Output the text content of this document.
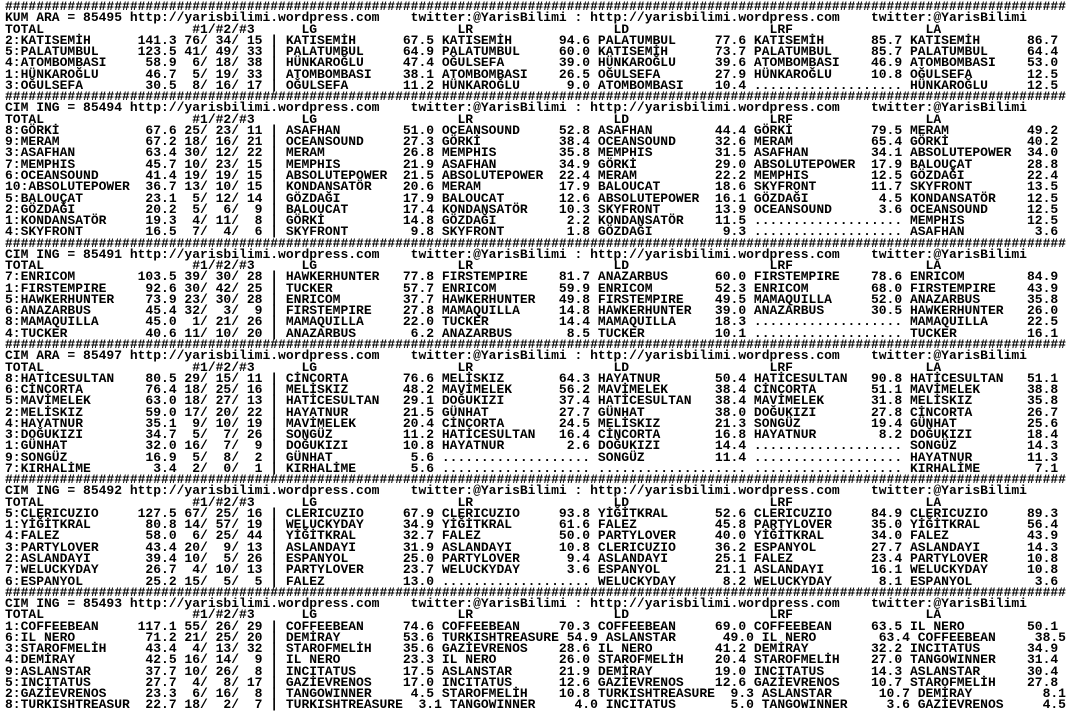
########################################################################################################################################
KUM ARA = 85495 http://yarisbilimi.wordpress.com    twitter:@YarisBilimi : http://yarisbilimi.wordpress.com    twitter:@YarisBilimi
TOTAL                   #1/#2/#3      LG                  LR                  LD                  LRF                 LA
2:KATISEMİH      141.3 76/ 34/ 15 | KATISEMİH      67.5 KATISEMİH      94.6 PALATUMBUL     77.6 KATISEMİH      85.7 KATISEMİH      86.7
5:PALATUMBUL     123.5 41/ 49/ 33 | PALATUMBUL     64.9 PALATUMBUL     60.0 KATISEMİH      73.7 PALATUMBUL     85.7 PALATUMBUL     64.4
4:ATOMBOMBASI     58.9  6/ 18/ 38 | HÜNKAROĞLU     47.4 OĞULSEFA       39.0 HÜNKAROĞLU     39.6 ATOMBOMBASI    46.9 ATOMBOMBASI    53.0
1:HÜNKAROĞLU      46.7  5/ 19/ 33 | ATOMBOMBASI    38.1 ATOMBOMBASI    26.5 OĞULSEFA       27.9 HÜNKAROĞLU     10.8 OĞULSEFA       12.5
3:OĞULSEFA        30.5  8/ 16/ 17 | OĞULSEFA       11.2 HÜNKAROĞLU      9.0 ATOMBOMBASI    10.4 ................... HÜNKAROĞLU     12.5
########################################################################################################################################
CIM ING = 85494 http://yarisbilimi.wordpress.com    twitter:@YarisBilimi : http://yarisbilimi.wordpress.com    twitter:@YarisBilimi
TOTAL                   #1/#2/#3      LG                  LR                  LD                  LRF                 LA
8:GÖRKİ           67.6 25/ 23/ 11 | ASAFHAN        51.0 OCEANSOUND     52.8 ASAFHAN        44.4 GÖRKİ          79.5 MERAM          49.2
9:MERAM           67.2 18/ 16/ 21 | OCEANSOUND     27.3 GÖRKİ          38.4 OCEANSOUND     32.6 MERAM          65.4 GÖRKİ          40.2
3:ASAFHAN         63.4 30/ 12/ 22 | MERAM          26.8 MEMPHIS        35.8 MEMPHIS        31.5 ASAFHAN        34.1 ABSOLUTEPOWER  34.0
7:MEMPHIS         45.7 10/ 23/ 15 | MEMPHIS        21.9 ASAFHAN        34.9 GÖRKİ          29.0 ABSOLUTEPOWER  17.9 BALOUÇAT       28.8
6:OCEANSOUND      41.4 19/ 19/ 15 | ABSOLUTEPOWER  21.5 ABSOLUTEPOWER  22.4 MERAM          22.2 MEMPHIS        12.5 GÖZDAĞI        22.4
10:ABSOLUTEPOWER  36.7 13/ 10/ 15 | KONDANSATÖR    20.6 MERAM          17.9 BALOUCAT       18.6 SKYFRONT       11.7 SKYFRONT       13.5
5:BALOUÇAT        23.1  5/ 12/ 14 | GÖZDAĞI        17.9 BALOUCAT       12.6 ABSOLUTEPOWER  16.1 GÖZDAĞI         4.5 KONDANSATÖR    12.5
2:GÖZDAĞI         20.2  5/  6/  9 | BALOUCAT       17.4 KONDANSATÖR    10.3 SKYFRONT       13.9 OCEANSOUND      3.6 OCEANSOUND     12.5
1:KONDANSATÖR     19.3  4/ 11/  8 | GÖRKİ          14.8 GÖZDAĞI         2.2 KONDANSATÖR    11.5 ................... MEMPHIS        12.5
4:SKYFRONT        16.5  7/  4/  6 | SKYFRONT        9.8 SKYFRONT        1.8 GÖZDAĞI         9.3 ................... ASAFHAN         3.6
########################################################################################################################################
CIM ING = 85491 http://yarisbilimi.wordpress.com    twitter:@YarisBilimi : http://yarisbilimi.wordpress.com    twitter:@YarisBilimi
TOTAL                   #1/#2/#3      LG                  LR                  LD                  LRF                 LA
7:ENRICOM        103.5 39/ 30/ 28 | HAWKERHUNTER   77.8 FIRSTEMPIRE    81.7 ANAZARBUS      60.0 FIRSTEMPIRE    78.6 ENRICOM        84.9
1:FIRSTEMPIRE     92.6 30/ 42/ 25 | TUCKER         57.7 ENRICOM        59.9 ENRICOM        52.3 ENRICOM        68.0 FIRSTEMPIRE    43.9
5:HAWKERHUNTER    73.9 23/ 30/ 28 | ENRICOM        37.7 HAWKERHUNTER   49.8 FIRSTEMPIRE    49.5 MAMAQUILLA     52.0 ANAZARBUS      35.8
6:ANAZARBUS       45.4 32/  3/  9 | FIRSTEMPIRE    27.8 MAMAQUILLA     14.8 HAWKERHUNTER   39.0 ANAZARBUS      30.5 HAWKERHUNTER   26.0
8:MAMAQUILLA      45.0  1/ 21/ 26 | MAMAQUILLA     22.0 TUCKER         14.4 MAMAQUILLA     18.3 ................... MAMAQUILLA     22.5
4:TUCKER          40.6 11/ 10/ 20 | ANAZARBUS       6.2 ANAZARBUS       8.5 TUCKER         10.1 ................... TUCKER         16.1
########################################################################################################################################
CIM ARA = 85497 http://yarisbilimi.wordpress.com    twitter:@YarisBilimi : http://yarisbilimi.wordpress.com    twitter:@YarisBilimi
TOTAL                   #1/#2/#3      LG                  LR                  LD                  LRF                 LA
8:HATİCESULTAN    80.5 29/ 15/ 11 | CİNCORTA       76.6 MELİSKIZ       64.3 HAYATNUR       50.4 HATİCESULTAN   90.8 HATİCESULTAN   51.1
6:CİNCORTA        76.4 18/ 25/ 16 | MELİSKIZ       48.2 MAVİMELEK      56.2 MAVİMELEK      38.4 CİNCORTA       51.1 MAVİMELEK      38.8
5:MAVİMELEK       63.0 18/ 27/ 13 | HATİCESULTAN   29.1 DOĞUKIZI       37.4 HATİCESULTAN   38.4 MAVİMELEK      31.8 MELİSKIZ       35.8
2:MELİSKIZ        59.0 17/ 20/ 22 | HAYATNUR       21.5 GÜNHAT         27.7 GÜNHAT         38.0 DOĞUKIZI       27.8 CİNCORTA       26.7
4:HAYATNUR        35.1  9/ 10/ 19 | MAVİMELEK      20.4 CİNCORTA       24.5 MELİSKIZ       21.3 SONGÜZ         19.4 GÜNHAT         25.6
3:DOĞUKIZI        34.7  5/  7/ 26 | SONGÜZ         11.2 HATİCESULTAN   16.4 CİNCORTA       16.8 HAYATNUR        8.2 DOĞUKIZI       18.4
1:GÜNHAT          32.0 16/  7/  9 | DOĞUKIZI       10.8 HAYATNUR        2.6 DOĞUKIZI       14.4 ................... SONGÜZ         14.3
9:SONGÜZ          16.9  5/  8/  2 | GÜNHAT          5.6 ................... SONGÜZ         11.4 ................... HAYATNUR       11.3
7:KIRHALİME        3.4  2/  0/  1 | KIRHALİME       5.6 ................... ................... ................... KIRHALİME       7.1
########################################################################################################################################
CIM ING = 85492 http://yarisbilimi.wordpress.com    twitter:@YarisBilimi : http://yarisbilimi.wordpress.com    twitter:@YarisBilimi
TOTAL                   #1/#2/#3      LG                  LR                  LD                  LRF                 LA
5:CLERICUZIO     127.5 67/ 25/ 16 | CLERICUZIO     67.9 CLERICUZIO     93.8 YİĞİTKRAL      52.6 CLERICUZIO     84.9 CLERICUZIO     89.3
1:YİĞİTKRAL       80.8 14/ 57/ 19 | WELUCKYDAY     34.9 YİĞİTKRAL      61.6 FALEZ          45.8 PARTYLOVER     35.0 YİĞİTKRAL      56.4
4:FALEZ           58.0  6/ 25/ 44 | YİĞİTKRAL      32.7 FALEZ          50.0 PARTYLOVER     40.0 YİĞİTKRAL      34.0 FALEZ          43.9
3:PARTYLOVER      43.4 20/  9/ 13 | ASLANDAYI      31.9 ASLANDAYI      10.8 CLERICUZIO     36.2 ESPANYOL       27.7 ASLANDAYI      14.3
2:ASLANDAYI       39.4 10/  5/ 26 | ESPANYOL       25.0 PARTYLOVER      9.4 ASLANDAYI      25.1 FALEZ          23.4 PARTYLOVER     10.8
7:WELUCKYDAY      26.7  4/ 10/ 13 | PARTYLOVER     23.7 WELUCKYDAY      3.6 ESPANYOL       21.1 ASLANDAYI      16.1 WELUCKYDAY     10.8
6:ESPANYOL        25.2 15/  5/  5 | FALEZ          13.0 ................... WELUCKYDAY      8.2 WELUCKYDAY      8.1 ESPANYOL        3.6
########################################################################################################################################
CIM ING = 85493 http://yarisbilimi.wordpress.com    twitter:@YarisBilimi : http://yarisbilimi.wordpress.com    twitter:@YarisBilimi
TOTAL                   #1/#2/#3      LG                  LR                  LD                  LRF                 LA
1:COFFEEBEAN     117.1 55/ 26/ 29 | COFFEEBEAN     74.6 COFFEEBEAN     70.3 COFFEEBEAN     69.0 COFFEEBEAN     63.5 IL NERO        50.1
6:IL NERO         71.2 21/ 25/ 20 | DEMİRAY        53.6 TURKISHTREASURE 54.9 ASLANSTAR      49.0 IL NERO        63.4 COFFEEBEAN     38.5
3:STAROFMELİH     43.4  4/ 13/ 32 | STAROFMELİH    35.6 GAZİEVRENOS    28.6 IL NERO        41.2 DEMİRAY        32.2 INCITATUS      34.9
4:DEMİRAY         42.5 16/ 14/  9 | IL NERO        23.3 IL NERO        26.0 STAROFMELİH    20.4 STAROFMELİH    27.0 TANGOWINNER    31.4
9:ASLANSTAR       37.7 10/ 26/  8 | INCITATUS      17.5 ASLANSTAR      21.9 DEMİRAY        19.0 INCITATUS      14.3 ASLANSTAR      30.4
5:INCITATUS       27.7  4/  8/ 17 | GAZİEVRENOS    17.0 INCITATUS      12.6 GAZİEVRENOS    12.6 GAZİEVRENOS    10.7 STAROFMELİH    27.8
2:GAZİEVRENOS     23.3  6/ 16/  8 | TANGOWINNER     4.5 STAROFMELİH    10.8 TURKISHTREASURE  9.3 ASLANSTAR      10.7 DEMİRAY         8.1
8:TURKISHTREASUR  22.7 18/  2/  7 | TURKISHTREASURE  3.1 TANGOWINNER     4.0 INCITATUS       5.0 TANGOWINNER     3.6 GAZİEVRENOS     4.5
